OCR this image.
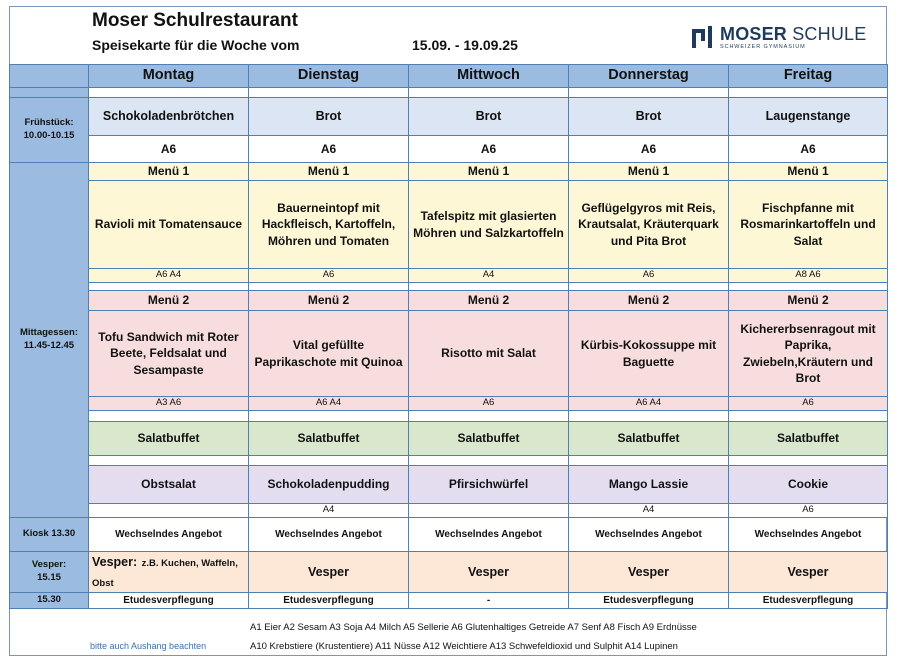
Moser Schulrestaurant
Speisekarte für die Woche vom	15.09. - 19.09.25
MOSER SCHULE
SCHWEIZER GYMNASIUM
	Montag	Dienstag	Mittwoch	Donnerstag	Freitag

Frühstück:
10.00-10.15	Schokoladenbrötchen	Brot	Brot	Brot	Laugenstange
	A6	A6	A6	A6	A6

Mittagessen:
11.45-12.45	Menü 1	Menü 1	Menü 1	Menü 1	Menü 1
	Ravioli mit Tomatensauce	Bauerneintopf mit Hackfleisch, Kartoffeln, Möhren und Tomaten	Tafelspitz mit glasierten Möhren und Salzkartoffeln	Geflügelgyros mit Reis, Krautsalat, Kräuterquark und Pita Brot	Fischpfanne mit Rosmarinkartoffeln und Salat
	A6 A4	A6	A4	A6	A8 A6

	Menü 2	Menü 2	Menü 2	Menü 2	Menü 2
	Tofu Sandwich mit Roter Beete, Feldsalat und Sesampaste	Vital gefüllte Paprikaschote mit Quinoa	Risotto mit Salat	Kürbis-Kokossuppe mit Baguette	Kichererbsenragout mit Paprika, Zwiebeln,Kräutern und Brot
	A3 A6	A6 A4	A6	A6 A4	A6

	Salatbuffet	Salatbuffet	Salatbuffet	Salatbuffet	Salatbuffet

	Obstsalat	Schokoladenpudding	Pfirsichwürfel	Mango Lassie	Cookie
		A4		A4	A6

Kiosk 13.30	Wechselndes Angebot	Wechselndes Angebot	Wechselndes Angebot	Wechselndes Angebot	Wechselndes Angebot

Vesper:
15.15	Vesper: z.B. Kuchen, Waffeln, Obst	Vesper	Vesper	Vesper	Vesper
15.30	Etudesverpflegung	Etudesverpflegung	-	Etudesverpflegung	Etudesverpflegung
A1 Eier A2 Sesam A3 Soja A4 Milch A5 Sellerie A6 Glutenhaltiges Getreide A7 Senf A8 Fisch A9 Erdnüsse
A10 Krebstiere (Krustentiere) A11 Nüsse A12 Weichtiere A13 Schwefeldioxid und Sulphit A14 Lupinen
bitte auch Aushang beachten
